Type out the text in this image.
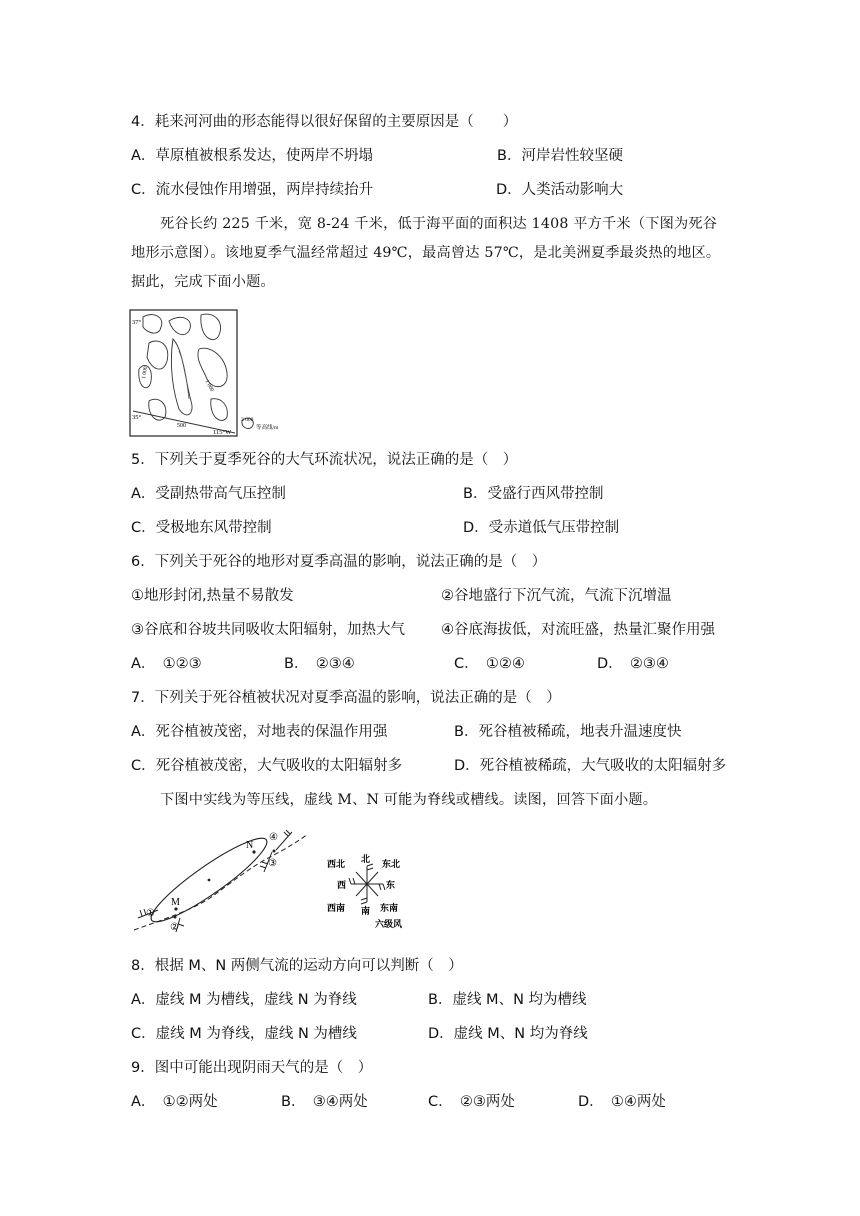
4．耗来河河曲的形态能得以很好保留的主要原因是（　　）
A．草原植被根系发达，使两岸不坍塌	B．河岸岩性较坚硬
C．流水侵蚀作用增强，两岸持续抬升	D．人类活动影响大
死谷长约 225 千米，宽 8-24 千米，低于海平面的面积达 1408 平方千米（下图为死谷地形示意图）。该地夏季气温经常超过 49℃，最高曾达 57℃，是北美洲夏季最炎热的地区。据此，完成下面小题。
37°
35°
115°W
500
1 000
1 000
2 000
等高线/m
5．下列关于夏季死谷的大气环流状况，说法正确的是（　）
A．受副热带高气压控制	B．受盛行西风带控制
C．受极地东风带控制	D．受赤道低气压带控制
6．下列关于死谷的地形对夏季高温的影响，说法正确的是（　）
①地形封闭,热量不易散发	②谷地盛行下沉气流，气流下沉增温
③谷底和谷坡共同吸收太阳辐射，加热大气 ④谷底海拔低，对流旺盛，热量汇聚作用强
A．　①②③	B．　②③④	C．　①②④	D．　②③④
7．下列关于死谷植被状况对夏季高温的影响，说法正确的是（　）
A．死谷植被茂密，对地表的保温作用强	B．死谷植被稀疏，地表升温速度快
C．死谷植被茂密，大气吸收的太阳辐射多	D．死谷植被稀疏，大气吸收的太阳辐射多
下图中实线为等压线，虚线 M、N 可能为脊线或槽线。读图，回答下面小题。
M
N
③
④
②
①
西北 北 东北
西	东
西南 南 东南
六级风
8．根据 M、N 两侧气流的运动方向可以判断（　）
A．虚线 M 为槽线，虚线 N 为脊线	B．虚线 M、N 均为槽线
C．虚线 M 为脊线，虚线 N 为槽线	D．虚线 M、N 均为脊线
9．图中可能出现阴雨天气的是（　）
A．　①②两处	B．　③④两处	C．　②③两处	D．　①④两处
